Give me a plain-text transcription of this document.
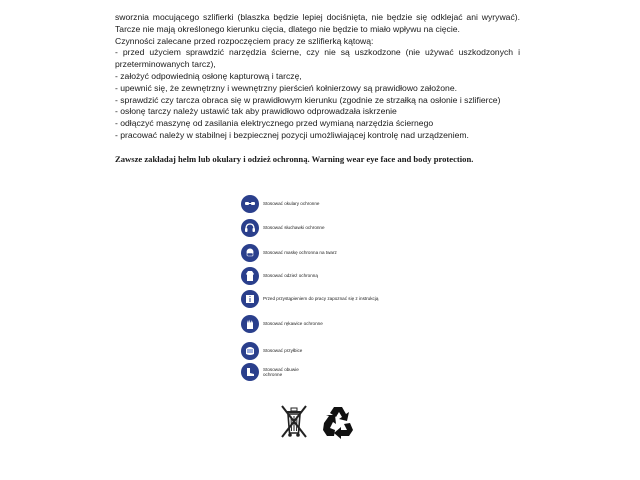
sworznia mocującego szlifierki (blaszka będzie lepiej dociśnięta, nie będzie się odklejać ani wyrywać). Tarcze nie mają określonego kierunku cięcia, dlatego nie będzie to miało wpływu na cięcie.

Czynności zalecane przed rozpoczęciem pracy ze szlifierką kątową:

- przed użyciem sprawdzić narzędzia ścierne, czy nie są uszkodzone (nie używać uszkodzonych i przeterminowanych tarcz),

- założyć odpowiednią osłonę kapturową i tarczę,

- upewnić się, że zewnętrzny i wewnętrzny pierścień kołnierzowy są prawidłowo założone.

- sprawdzić czy tarcza obraca się w prawidłowym kierunku (zgodnie ze strzałką na osłonie i szlifierce)

- osłonę tarczy należy ustawić tak aby prawidłowo odprowadzała iskrzenie

- odłączyć maszynę od zasilania elektrycznego przed wymianą narzędzia ściernego

- pracować należy w stabilnej i bezpiecznej pozycji umożliwiającej kontrolę nad urządzeniem.

Zawsze zakładaj helm lub okulary i odzież ochronną. Warning wear eye face and body protection.

Stosować okulary ochronne
Stosować słuchawki ochronne
Stosować maskę ochronna na twarz
Stosować odzież ochronną
Przed przystąpieniem do pracy zapoznać się z instrukcją
Stosować rękawice ochronne
Stosować przyłbice
Stosować obuwie ochronne
